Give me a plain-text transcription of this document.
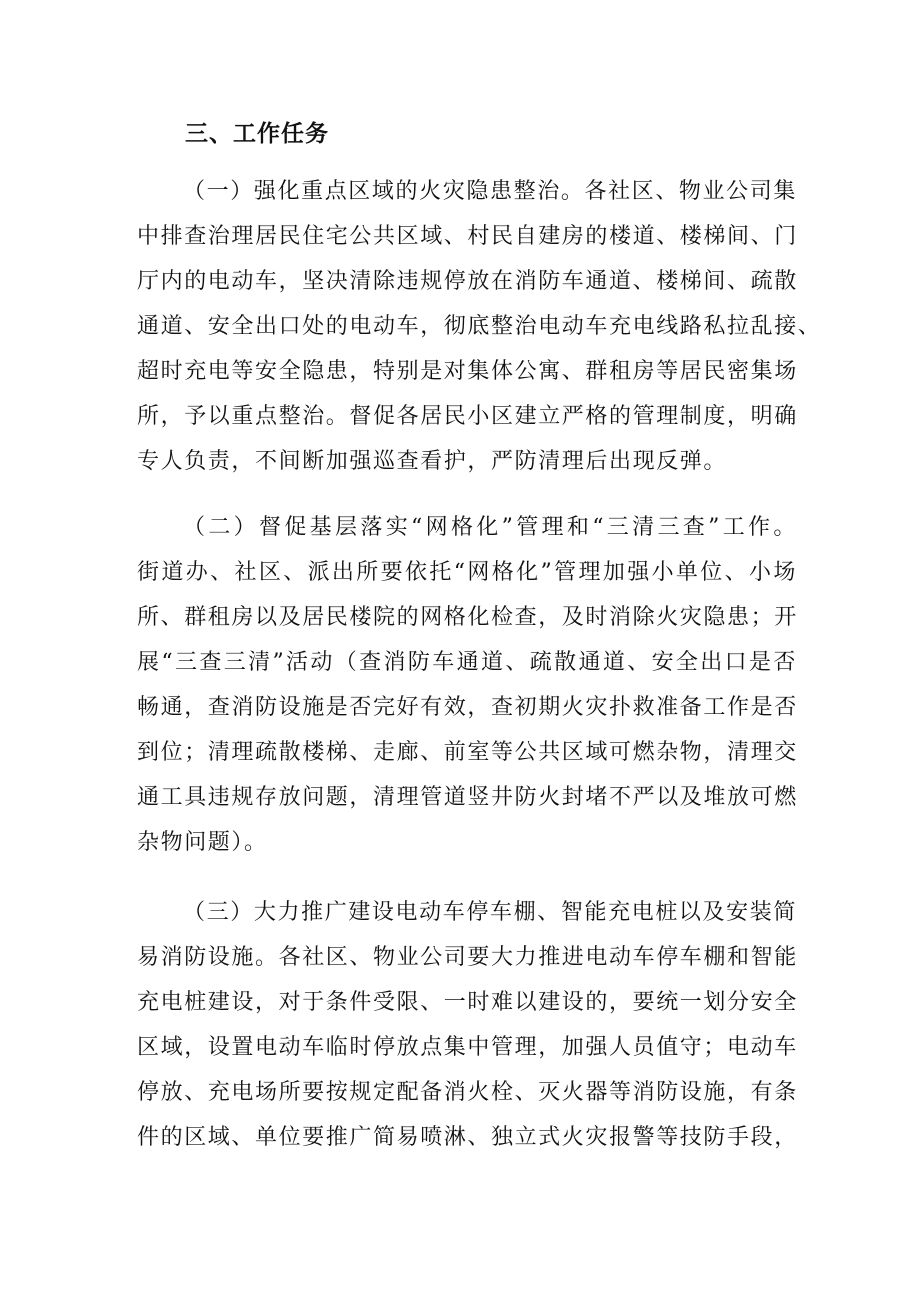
三、工作任务
（一）强化重点区域的火灾隐患整治。各社区、物业公司集
中排查治理居民住宅公共区域、村民自建房的楼道、楼梯间、门
厅内的电动车，坚决清除违规停放在消防车通道、楼梯间、疏散
通道、安全出口处的电动车，彻底整治电动车充电线路私拉乱接、
超时充电等安全隐患，特别是对集体公寓、群租房等居民密集场
所，予以重点整治。督促各居民小区建立严格的管理制度，明确
专人负责，不间断加强巡查看护，严防清理后出现反弹。
（二）督促基层落实“网格化”管理和“三清三查”工作。
街道办、社区、派出所要依托“网格化”管理加强小单位、小场
所、群租房以及居民楼院的网格化检查，及时消除火灾隐患；开
展“三查三清”活动（查消防车通道、疏散通道、安全出口是否
畅通，查消防设施是否完好有效，查初期火灾扑救准备工作是否
到位；清理疏散楼梯、走廊、前室等公共区域可燃杂物，清理交
通工具违规存放问题，清理管道竖井防火封堵不严以及堆放可燃
杂物问题）。
（三）大力推广建设电动车停车棚、智能充电桩以及安装简
易消防设施。各社区、物业公司要大力推进电动车停车棚和智能
充电桩建设，对于条件受限、一时难以建设的，要统一划分安全
区域，设置电动车临时停放点集中管理，加强人员值守；电动车
停放、充电场所要按规定配备消火栓、灭火器等消防设施，有条
件的区域、单位要推广简易喷淋、独立式火灾报警等技防手段，
